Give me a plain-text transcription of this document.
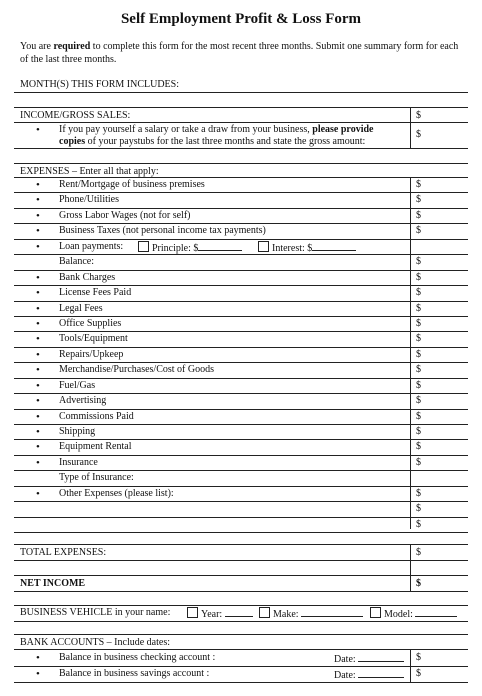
Self Employment Profit & Loss Form
You are required to complete this form for the most recent three months. Submit one summary form for each of the last three months.
MONTH(S) THIS FORM INCLUDES:
INCOME/GROSS SALES:	$
• If you pay yourself a salary or take a draw from your business, please provide
copies of your paystubs for the last three months and state the gross amount:
$
EXPENSES – Enter all that apply:
• Rent/Mortgage of business premises	$
• Phone/Utilities	$
• Gross Labor Wages (not for self)	$
• Business Taxes (not personal income tax payments)	$
• Loan payments:	Principle: $	Interest: $
Balance:	$
• Bank Charges	$
• License Fees Paid	$
• Legal Fees	$
• Office Supplies	$
• Tools/Equipment	$
• Repairs/Upkeep	$
• Merchandise/Purchases/Cost of Goods	$
• Fuel/Gas	$
• Advertising	$
• Commissions Paid	$
• Shipping	$
• Equipment Rental	$
• Insurance	$
Type of Insurance:
• Other Expenses (please list):	$
$
$
TOTAL EXPENSES:	$
NET INCOME	$
BUSINESS VEHICLE in your name:	Year:	Make:	Model:
BANK ACCOUNTS – Include dates:
• Balance in business checking account :	Date:	$
• Balance in business savings account :	Date:	$
